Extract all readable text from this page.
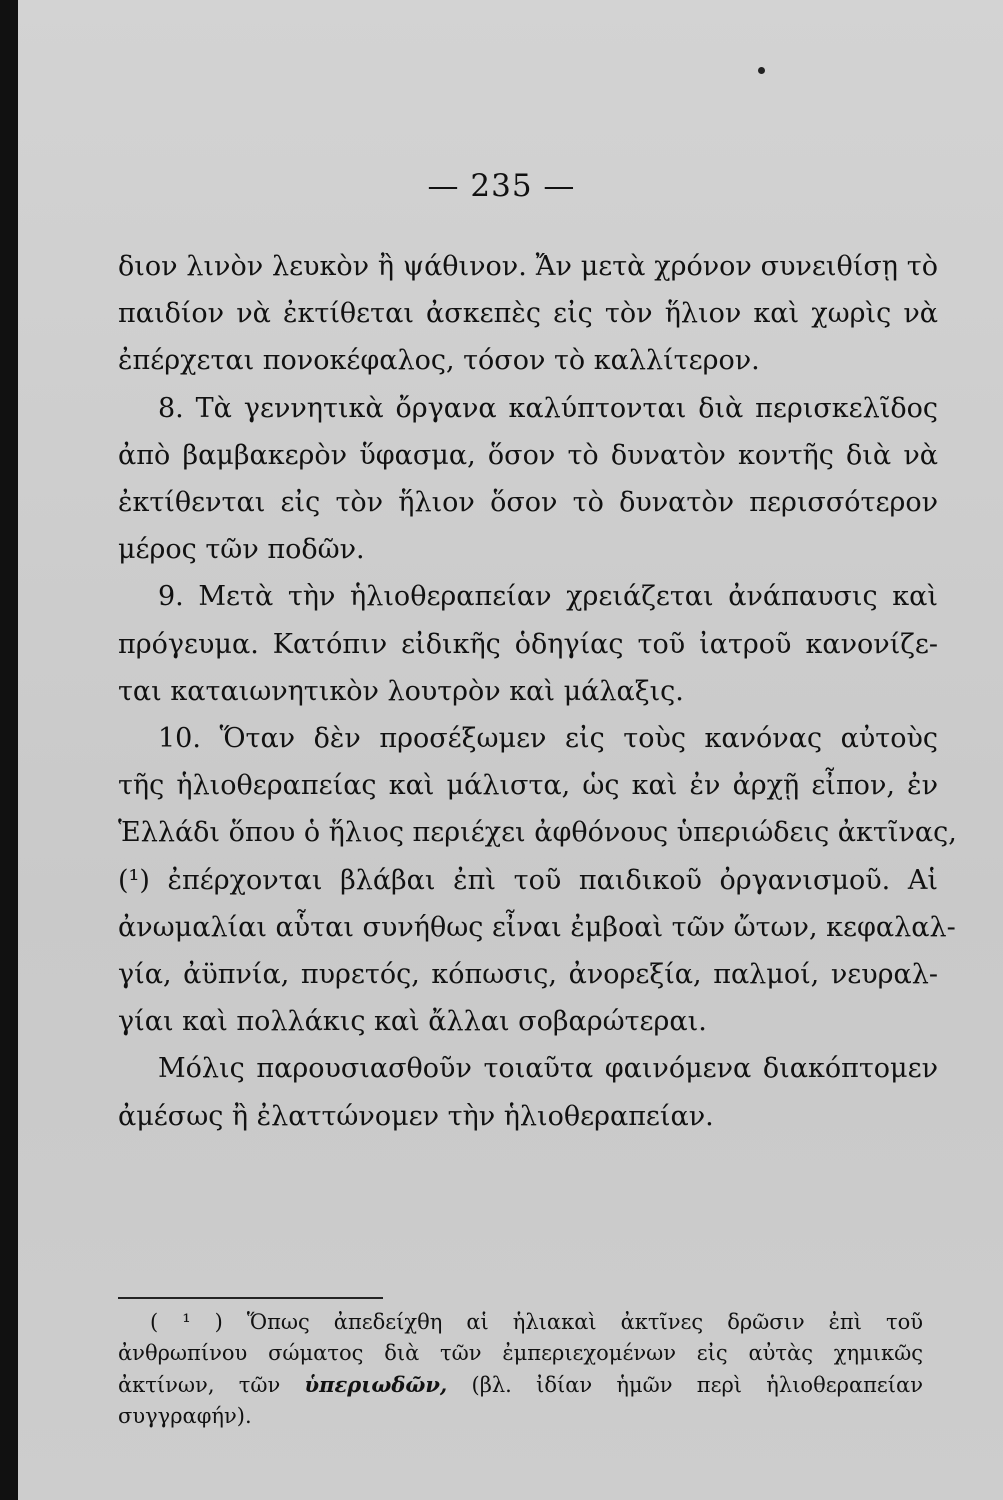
— 235 —
διον λινὸν λευκὸν ἢ ψάθινον. Ἄν μετὰ χρόνον συνειθίσῃ τὸ
παιδίον νὰ ἐκτίθεται ἀσκεπὲς εἰς τὸν ἥλιον καὶ χωρὶς νὰ
ἐπέρχεται πονοκέφαλος, τόσον τὸ καλλίτερον.
8. Τὰ γεννητικὰ ὄργανα καλύπτονται διὰ περισκελῖδος
ἀπὸ βαμβακερὸν ὕφασμα, ὅσον τὸ δυνατὸν κοντῆς διὰ νὰ
ἐκτίθενται εἰς τὸν ἥλιον ὅσον τὸ δυνατὸν περισσότερον
μέρος τῶν ποδῶν.
9. Μετὰ τὴν ἡλιοθεραπείαν χρειάζεται ἀνάπαυσις καὶ
πρόγευμα. Κατόπιν εἰδικῆς ὁδηγίας τοῦ ἰατροῦ κανονίζε-
ται καταιωνητικὸν λουτρὸν καὶ μάλαξις.
10. Ὅταν δὲν προσέξωμεν εἰς τοὺς κανόνας αὐτοὺς
τῆς ἡλιοθεραπείας καὶ μάλιστα, ὡς καὶ ἐν ἀρχῇ εἶπον, ἐν
Ἑλλάδι ὅπου ὁ ἥλιος περιέχει ἀφθόνους ὑπεριώδεις ἀκτῖνας,
(¹) ἐπέρχονται βλάβαι ἐπὶ τοῦ παιδικοῦ ὀργανισμοῦ. Αἱ
ἀνωμαλίαι αὗται συνήθως εἶναι ἐμβοαὶ τῶν ὤτων, κεφαλαλ-
γία, ἀϋπνία, πυρετός, κόπωσις, ἀνορεξία, παλμοί, νευραλ-
γίαι καὶ πολλάκις καὶ ἄλλαι σοβαρώτεραι.
Μόλις παρουσιασθοῦν τοιαῦτα φαινόμενα διακόπτομεν
ἀμέσως ἢ ἐλαττώνομεν τὴν ἡλιοθεραπείαν.
( ¹ ) Ὅπως ἀπεδείχθη αἱ ἡλιακαὶ ἀκτῖνες δρῶσιν ἐπὶ τοῦ
ἀνθρωπίνου σώματος διὰ τῶν ἐμπεριεχομένων εἰς αὐτὰς χημικῶς
ἀκτίνων, τῶν ὑπεριωδῶν, (βλ. ἰδίαν ἡμῶν περὶ ἡλιοθεραπείαν
συγγραφήν).
